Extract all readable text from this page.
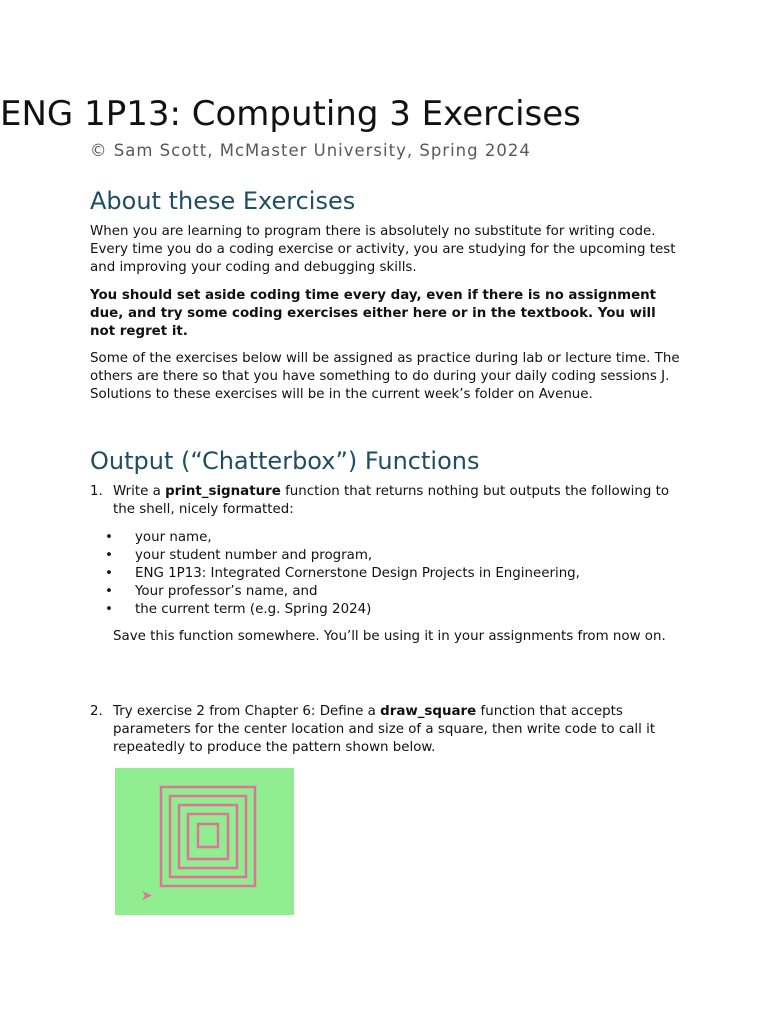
ENG 1P13: Computing 3 Exercises

© Sam Scott, McMaster University, Spring 2024

About these Exercises

When you are learning to program there is absolutely no substitute for writing code. Every time you do a coding exercise or activity, you are studying for the upcoming test and improving your coding and debugging skills.

You should set aside coding time every day, even if there is no assignment due, and try some coding exercises either here or in the textbook. You will not regret it.

Some of the exercises below will be assigned as practice during lab or lecture time. The others are there so that you have something to do during your daily coding sessions J. Solutions to these exercises will be in the current week’s folder on Avenue.

Output (“Chatterbox”) Functions
1. Write a print_signature function that returns nothing but outputs the following to the shell, nicely formatted:
• your name,
• your student number and program,
• ENG 1P13: Integrated Cornerstone Design Projects in Engineering,
• Your professor’s name, and
• the current term (e.g. Spring 2024)

Save this function somewhere. You’ll be using it in your assignments from now on.

2. Try exercise 2 from Chapter 6: Define a draw_square function that accepts parameters for the center location and size of a square, then write code to call it repeatedly to produce the pattern shown below.
